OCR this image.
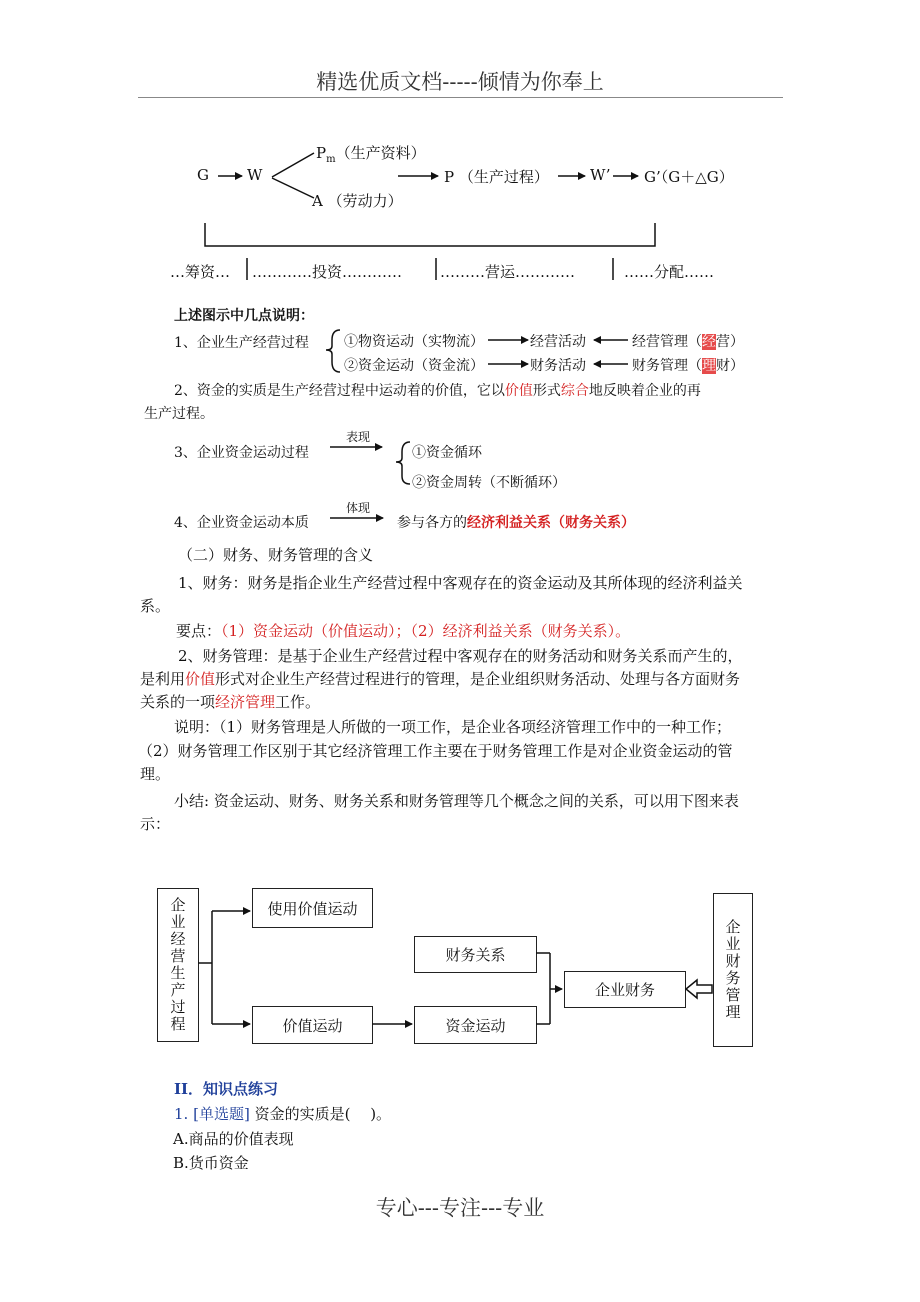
精选优质文档-----倾情为你奉上
专心---专注---专业
G	W
$P_m$（生产资料）
A （劳动力）
P （生产过程）	W’ G’（G＋△G）
…筹资… …………投资…………	………营运…………	……分配……
上述图示中几点说明：
1、企业生产经营过程	①物资运动（实物流）	经营活动	经营管理（经营）
②资金运动（资金流）	财务活动	财务管理（理财）
2、资金的实质是生产经营过程中运动着的价值，它以价值形式综合地反映着企业的再
生产过程。
3、企业资金运动过程
表现
①资金循环
②资金周转（不断循环）
4、企业资金运动本质
体现
参与各方的经济利益关系（财务关系）
（二）财务、财务管理的含义
1、财务：财务是指企业生产经营过程中客观存在的资金运动及其所体现的经济利益关
系。
要点：（1）资金运动（价值运动）；（2）经济利益关系（财务关系）。
2、财务管理：是基于企业生产经营过程中客观存在的财务活动和财务关系而产生的，
是利用价值形式对企业生产经营过程进行的管理，是企业组织财务活动、处理与各方面财务
关系的一项经济管理工作。
说明：（1）财务管理是人所做的一项工作，是企业各项经济管理工作中的一种工作；
（2）财务管理工作区别于其它经济管理工作主要在于财务管理工作是对企业资金运动的管
理。
小结: 资金运动、财务、财务关系和财务管理等几个概念之间的关系，可以用下图来表
示：
企业经营生产过程	使用价值运动
价值运动
财务关系
资金运动
企业财务	企业财务管理
II．知识点练习
1. [单选题] 资金的实质是(　 )。
A.商品的价值表现
B.货币资金
